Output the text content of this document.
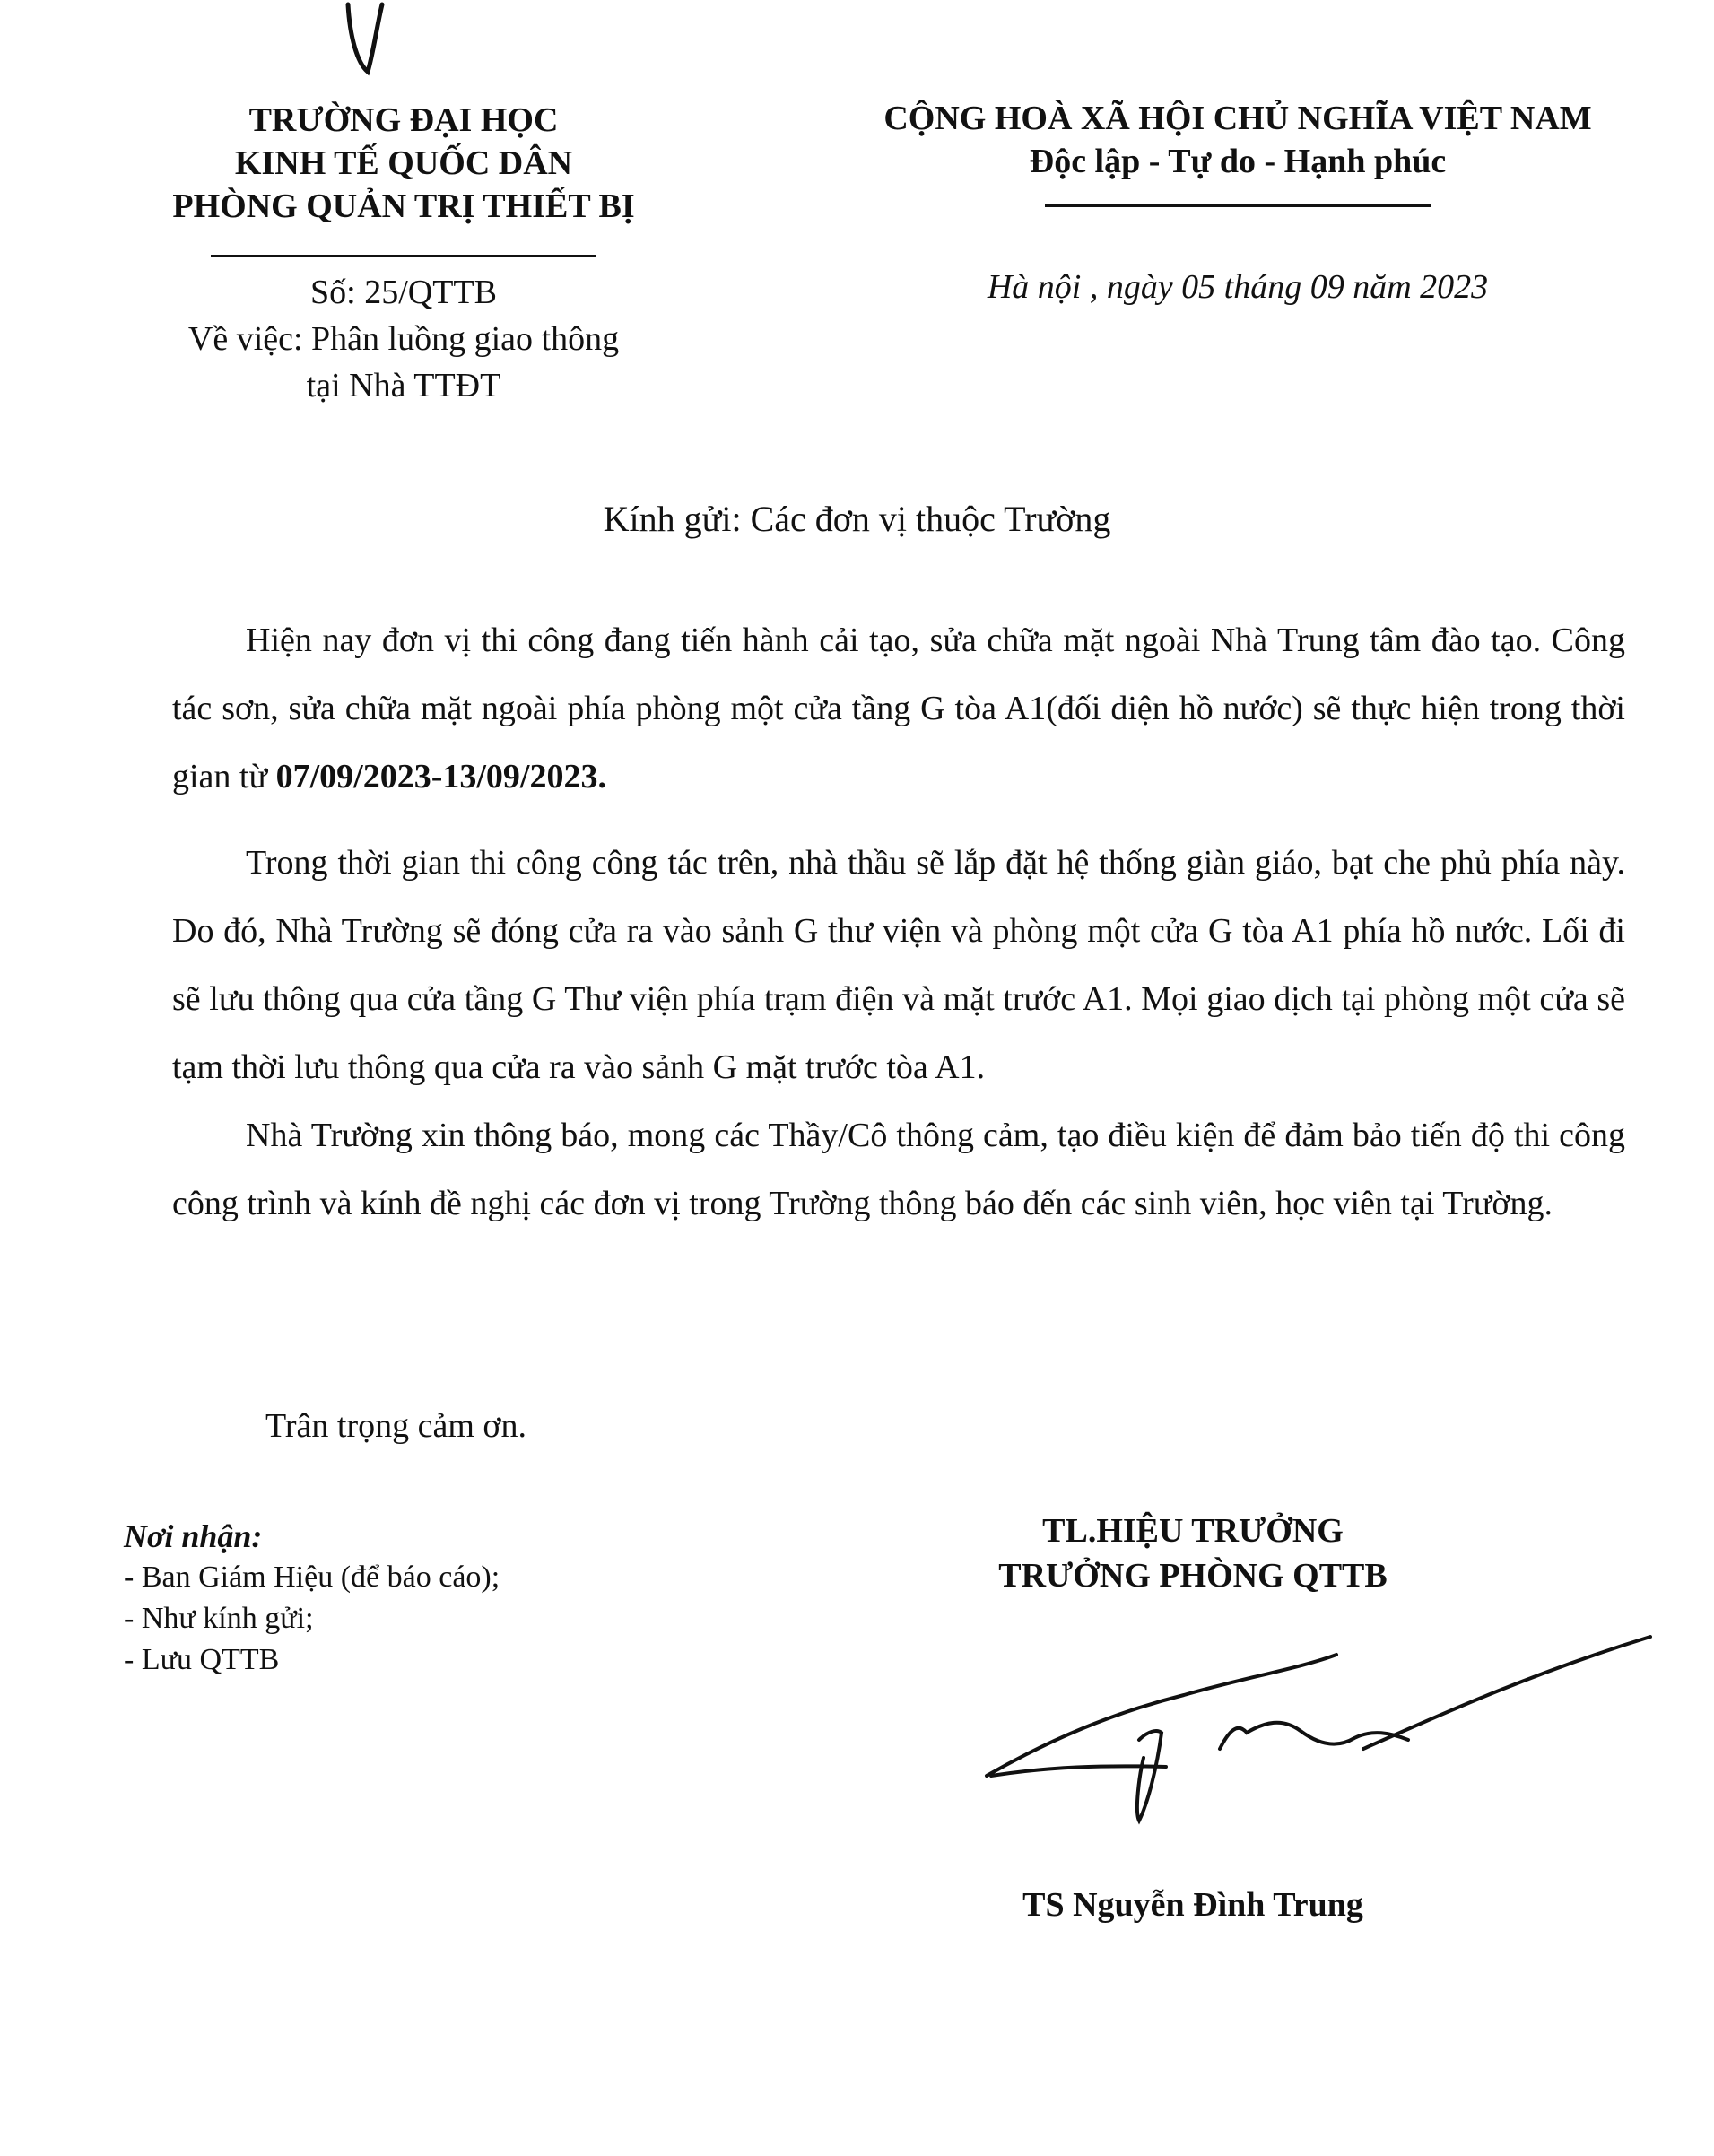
TRƯỜNG ĐẠI HỌC
KINH TẾ QUỐC DÂN
PHÒNG QUẢN TRỊ THIẾT BỊ
Số: 25/QTTB
Về việc: Phân luồng giao thông
tại Nhà TTĐT
CỘNG HOÀ XÃ HỘI CHỦ NGHĨA VIỆT NAM
Độc lập - Tự do - Hạnh phúc
Hà nội , ngày 05 tháng 09 năm 2023
Kính gửi: Các đơn vị thuộc Trường

Hiện nay đơn vị thi công đang tiến hành cải tạo, sửa chữa mặt ngoài Nhà Trung tâm đào tạo. Công tác sơn, sửa chữa mặt ngoài phía phòng một cửa tầng G tòa A1(đối diện hồ nước) sẽ thực hiện trong thời gian từ 07/09/2023-13/09/2023.

Trong thời gian thi công công tác trên, nhà thầu sẽ lắp đặt hệ thống giàn giáo, bạt che phủ phía này. Do đó, Nhà Trường sẽ đóng cửa ra vào sảnh G thư viện và phòng một cửa G tòa A1 phía hồ nước. Lối đi sẽ lưu thông qua cửa tầng G Thư viện phía trạm điện và mặt trước A1. Mọi giao dịch tại phòng một cửa sẽ tạm thời lưu thông qua cửa ra vào sảnh G mặt trước tòa A1.

Nhà Trường xin thông báo, mong các Thầy/Cô thông cảm, tạo điều kiện để đảm bảo tiến độ thi công công trình và kính đề nghị các đơn vị trong Trường thông báo đến các sinh viên, học viên tại Trường.

Trân trọng cảm ơn.
Nơi nhận:
- Ban Giám Hiệu (để báo cáo);
- Như kính gửi;
- Lưu QTTB
TL.HIỆU TRƯỞNG
TRƯỞNG PHÒNG QTTB
TS Nguyễn Đình Trung
